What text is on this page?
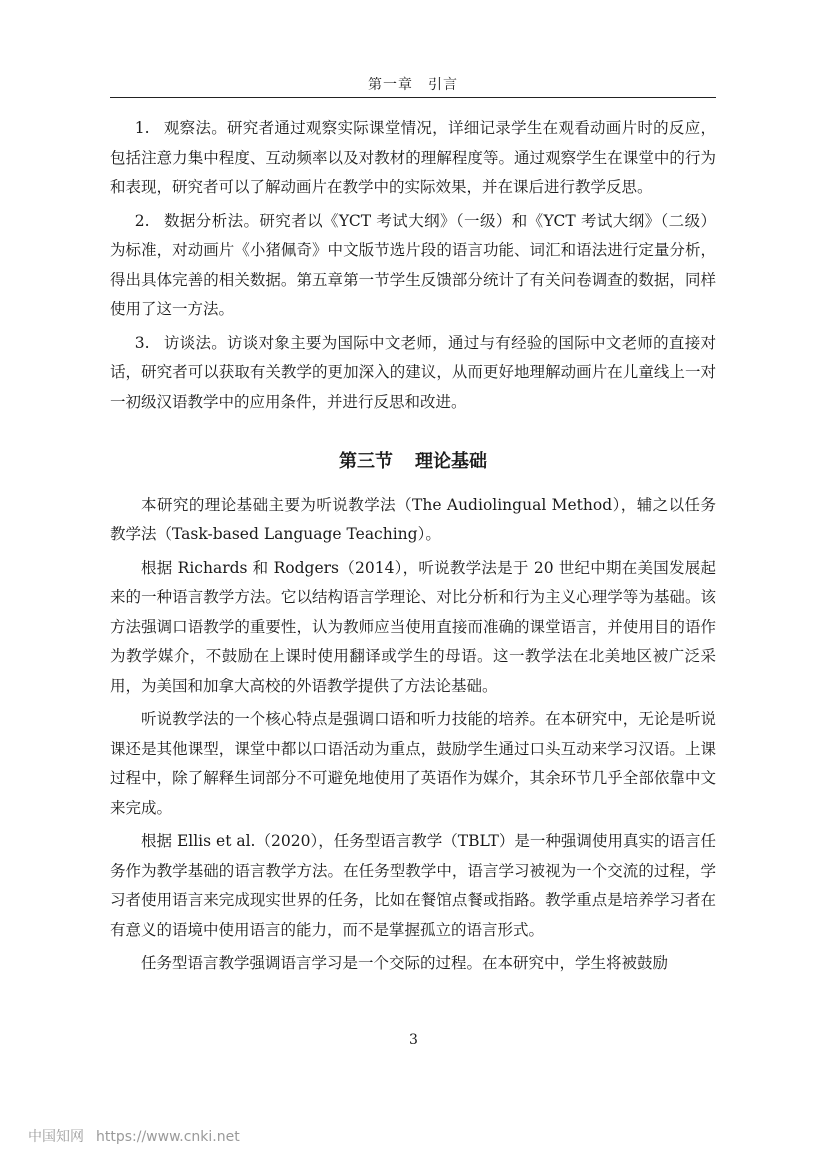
第一章　引言

1. 观察法。研究者通过观察实际课堂情况，详细记录学生在观看动画片时的反应，包括注意力集中程度、互动频率以及对教材的理解程度等。通过观察学生在课堂中的行为和表现，研究者可以了解动画片在教学中的实际效果，并在课后进行教学反思。

2. 数据分析法。研究者以《YCT 考试大纲》（一级）和《YCT 考试大纲》（二级）为标准，对动画片《小猪佩奇》中文版节选片段的语言功能、词汇和语法进行定量分析，得出具体完善的相关数据。第五章第一节学生反馈部分统计了有关问卷调查的数据，同样使用了这一方法。

3. 访谈法。访谈对象主要为国际中文老师，通过与有经验的国际中文老师的直接对话，研究者可以获取有关教学的更加深入的建议，从而更好地理解动画片在儿童线上一对一初级汉语教学中的应用条件，并进行反思和改进。

第三节 理论基础

本研究的理论基础主要为听说教学法（The Audiolingual Method），辅之以任务教学法（Task-based Language Teaching）。

根据 Richards 和 Rodgers（2014），听说教学法是于 20 世纪中期在美国发展起来的一种语言教学方法。它以结构语言学理论、对比分析和行为主义心理学等为基础。该方法强调口语教学的重要性，认为教师应当使用直接而准确的课堂语言，并使用目的语作为教学媒介，不鼓励在上课时使用翻译或学生的母语。这一教学法在北美地区被广泛采用，为美国和加拿大高校的外语教学提供了方法论基础。

听说教学法的一个核心特点是强调口语和听力技能的培养。在本研究中，无论是听说课还是其他课型，课堂中都以口语活动为重点，鼓励学生通过口头互动来学习汉语。上课过程中，除了解释生词部分不可避免地使用了英语作为媒介，其余环节几乎全部依靠中文来完成。

根据 Ellis et al.（2020），任务型语言教学（TBLT）是一种强调使用真实的语言任务作为教学基础的语言教学方法。在任务型教学中，语言学习被视为一个交流的过程，学习者使用语言来完成现实世界的任务，比如在餐馆点餐或指路。教学重点是培养学习者在有意义的语境中使用语言的能力，而不是掌握孤立的语言形式。

任务型语言教学强调语言学习是一个交际的过程。在本研究中，学生将被鼓励

3
中国知网 https://www.cnki.net
